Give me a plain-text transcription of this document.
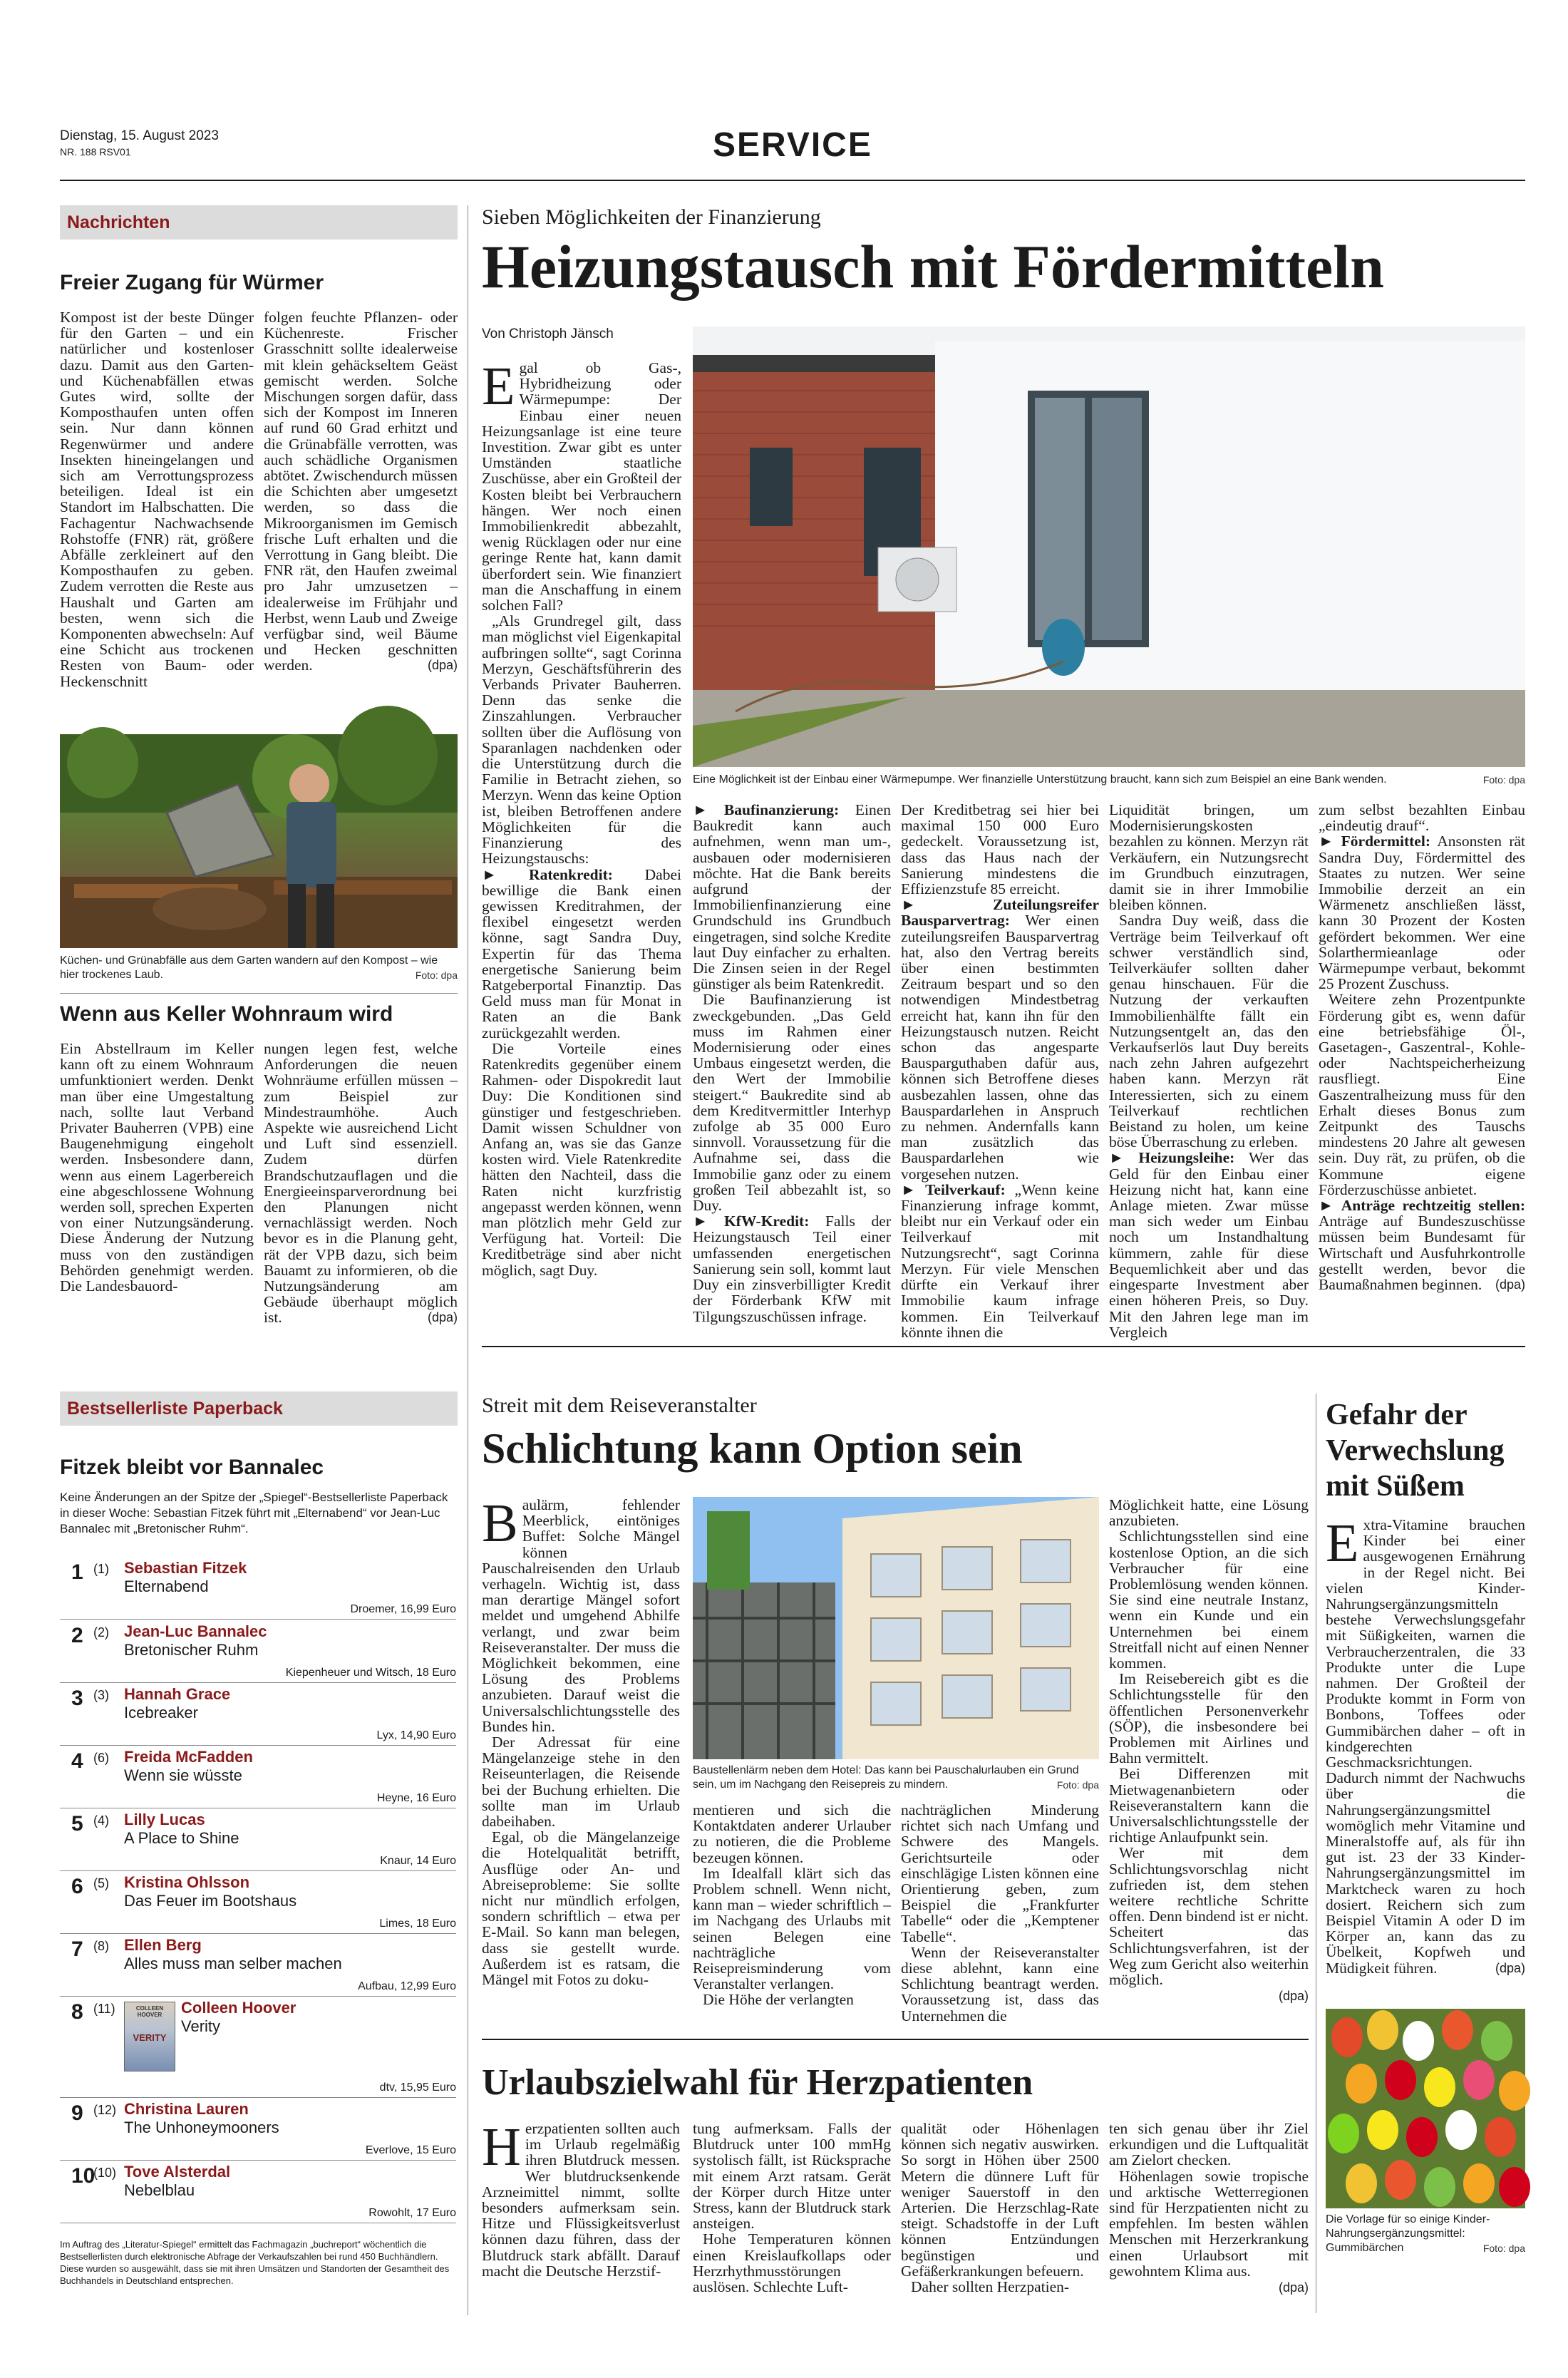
Dienstag, 15. August 2023
NR. 188 RSV01	SERVICE
Nachrichten
Freier Zugang für Würmer
Kompost ist der beste Dünger für den Garten – und ein natürlicher und kostenloser dazu. Damit aus den Garten- und Küchenabfällen etwas Gutes wird, sollte der Komposthaufen unten offen sein. Nur dann können Regenwürmer und andere Insekten hineingelangen und sich am Verrottungsprozess beteiligen. Ideal ist ein Standort im Halbschatten. Die Fachagentur Nachwachsende Rohstoffe (FNR) rät, größere Abfälle zerkleinert auf den Komposthaufen zu geben. Zudem verrotten die Reste aus Haushalt und Garten am besten, wenn sich die Komponenten abwechseln: Auf eine Schicht aus trockenen Resten von Baum- oder Heckenschnitt
folgen feuchte Pflanzen- oder Küchenreste. Frischer Grasschnitt sollte idealerweise mit klein gehäckseltem Geäst gemischt werden. Solche Mischungen sorgen dafür, dass sich der Kompost im Inneren auf rund 60 Grad erhitzt und die Grünabfälle verrotten, was auch schädliche Organismen abtötet. Zwischendurch müssen die Schichten aber umgesetzt werden, so dass die Mikroorganismen im Gemisch frische Luft erhalten und die Verrottung in Gang bleibt. Die FNR rät, den Haufen zweimal pro Jahr umzusetzen – idealerweise im Frühjahr und Herbst, wenn Laub und Zweige verfügbar sind, weil Bäume und Hecken geschnitten werden.	(dpa)
Küchen- und Grünabfälle aus dem Garten wandern auf den Kompost – wie hier trockenes Laub.	Foto: dpa
Wenn aus Keller Wohnraum wird
Ein Abstellraum im Keller kann oft zu einem Wohnraum umfunktioniert werden. Denkt man über eine Umgestaltung nach, sollte laut Verband Privater Bauherren (VPB) eine Baugenehmigung eingeholt werden. Insbesondere dann, wenn aus einem Lagerbereich eine abgeschlossene Wohnung werden soll, sprechen Experten von einer Nutzungsänderung. Diese Änderung der Nutzung muss von den zuständigen Behörden genehmigt werden. Die Landesbauord-
nungen legen fest, welche Anforderungen die neuen Wohnräume erfüllen müssen – zum Beispiel zur Mindestraumhöhe. Auch Aspekte wie ausreichend Licht und Luft sind essenziell. Zudem dürfen Brandschutzauflagen und die Energieeinsparverordnung bei den Planungen nicht vernachlässigt werden. Noch bevor es in die Planung geht, rät der VPB dazu, sich beim Bauamt zu informieren, ob die Nutzungsänderung am Gebäude überhaupt möglich ist.	(dpa)
Bestsellerliste Paperback
Fitzek bleibt vor Bannalec
Keine Änderungen an der Spitze der „Spiegel“-Bestsellerliste Paperback in dieser Woche: Sebastian Fitzek führt mit „Elternabend“ vor Jean-Luc Bannalec mit „Bretonischer Ruhm“.
1 (1) Sebastian Fitzek
Elternabend
Droemer, 16,99 Euro
2 (2) Jean-Luc Bannalec
Bretonischer Ruhm
Kiepenheuer und Witsch, 18 Euro
3 (3) Hannah Grace
Icebreaker
Lyx, 14,90 Euro
4 (6) Freida McFadden
Wenn sie wüsste
Heyne, 16 Euro
5 (4) Lilly Lucas
A Place to Shine
Knaur, 14 Euro
6 (5) Kristina Ohlsson
Das Feuer im Bootshaus
Limes, 18 Euro
7 (8) Ellen Berg
Alles muss man selber machen
Aufbau, 12,99 Euro
8 (11)	Colleen Hoover
Verity
COLLEEN HOOVER
VERITY
dtv, 15,95 Euro
9 (12) Christina Lauren
The Unhoneymooners
Everlove, 15 Euro
10
(10) Tove Alsterdal
Nebelblau
Rowohlt, 17 Euro
Im Auftrag des „Literatur-Spiegel“ ermittelt das Fachmagazin „buchreport“ wöchentlich die Bestsellerlisten durch elektronische Abfrage der Verkaufszahlen bei rund 450 Buchhändlern. Diese wurden so ausgewählt, dass sie mit ihren Umsätzen und Standorten der Gesamtheit des Buchhandels in Deutschland entsprechen.
Sieben Möglichkeiten der Finanzierung
Heizungstausch mit Fördermitteln
Von Christoph Jänsch
E gal ob Gas-, Hybridheizung oder Wärmepumpe: Der Einbau einer neuen Heizungsanlage ist eine teure Investition. Zwar gibt es unter Umständen staatliche Zuschüsse, aber ein Großteil der Kosten bleibt bei Verbrauchern hängen. Wer noch einen Immobilienkredit abbezahlt, wenig Rücklagen oder nur eine geringe Rente hat, kann damit überfordert sein. Wie finanziert man die Anschaffung in einem solchen Fall?

„Als Grundregel gilt, dass man möglichst viel Eigenkapital aufbringen sollte“, sagt Corinna Merzyn, Geschäftsführerin des Verbands Privater Bauherren. Denn das senke die Zinszahlungen. Verbraucher sollten über die Auflösung von Sparanlagen nachdenken oder die Unterstützung durch die Familie in Betracht ziehen, so Merzyn. Wenn das keine Option ist, bleiben Betroffenen andere Möglichkeiten für die Finanzierung des Heizungstauschs:

► Ratenkredit: Dabei bewillige die Bank einen gewissen Kreditrahmen, der flexibel eingesetzt werden könne, sagt Sandra Duy, Expertin für das Thema energetische Sanierung beim Ratgeberportal Finanztip. Das Geld muss man für Monat in Raten an die Bank zurückgezahlt werden.

Die Vorteile eines Ratenkredits gegenüber einem Rahmen- oder Dispokredit laut Duy: Die Konditionen sind günstiger und festgeschrieben. Damit wissen Schuldner von Anfang an, was sie das Ganze kosten wird. Viele Ratenkredite hätten den Nachteil, dass die Raten nicht kurzfristig angepasst werden können, wenn man plötzlich mehr Geld zur Verfügung hat. Vorteil: Die Kreditbeträge sind aber nicht möglich, sagt Duy.

Eine Möglichkeit ist der Einbau einer Wärmepumpe. Wer finanzielle Unterstützung braucht, kann sich zum Beispiel an eine Bank wenden.	Foto: dpa

► Baufinanzierung: Einen Baukredit kann auch aufnehmen, wenn man um-, ausbauen oder modernisieren möchte. Hat die Bank bereits aufgrund der Immobilienfinanzierung eine Grundschuld ins Grundbuch eingetragen, sind solche Kredite laut Duy einfacher zu erhalten. Die Zinsen seien in der Regel günstiger als beim Ratenkredit.

Die Baufinanzierung ist zweckgebunden. „Das Geld muss im Rahmen einer Modernisierung oder eines Umbaus eingesetzt werden, die den Wert der Immobilie steigert.“ Baukredite sind ab dem Kreditvermittler Interhyp zufolge ab 35 000 Euro sinnvoll. Voraussetzung für die Aufnahme sei, dass die Immobilie ganz oder zu einem großen Teil abbezahlt ist, so Duy.

► KfW-Kredit: Falls der Heizungstausch Teil einer umfassenden energetischen Sanierung sein soll, kommt laut Duy ein zinsverbilligter Kredit der Förderbank KfW mit Tilgungszuschüssen infrage.

Der Kreditbetrag sei hier bei maximal 150 000 Euro gedeckelt. Voraussetzung ist, dass das Haus nach der Sanierung mindestens die Effizienzstufe 85 erreicht.

► Zuteilungsreifer Bausparvertrag: Wer einen zuteilungsreifen Bausparvertrag hat, also den Vertrag bereits über einen bestimmten Zeitraum bespart und so den notwendigen Mindestbetrag erreicht hat, kann ihn für den Heizungstausch nutzen. Reicht schon das angesparte Bausparguthaben dafür aus, können sich Betroffene dieses ausbezahlen lassen, ohne das Bauspardarlehen in Anspruch zu nehmen. Andernfalls kann man zusätzlich das Bauspardarlehen wie vorgesehen nutzen.

► Teilverkauf: „Wenn keine Finanzierung infrage kommt, bleibt nur ein Verkauf oder ein Teilverkauf mit Nutzungsrecht“, sagt Corinna Merzyn. Für viele Menschen dürfte ein Verkauf ihrer Immobilie kaum infrage kommen. Ein Teilverkauf könnte ihnen die

Liquidität bringen, um Modernisierungskosten bezahlen zu können. Merzyn rät Verkäufern, ein Nutzungsrecht im Grundbuch einzutragen, damit sie in ihrer Immobilie bleiben können.

Sandra Duy weiß, dass die Verträge beim Teilverkauf oft schwer verständlich sind, Teilverkäufer sollten daher genau hinschauen. Für die Nutzung der verkauften Immobilienhälfte fällt ein Nutzungsentgelt an, das den Verkaufserlös laut Duy bereits nach zehn Jahren aufgezehrt haben kann. Merzyn rät Interessierten, sich zu einem Teilverkauf rechtlichen Beistand zu holen, um keine böse Überraschung zu erleben.

► Heizungsleihe: Wer das Geld für den Einbau einer Heizung nicht hat, kann eine Anlage mieten. Zwar müsse man sich weder um Einbau noch um Instandhaltung kümmern, zahle für diese Bequemlichkeit aber und das eingesparte Investment aber einen höheren Preis, so Duy. Mit den Jahren lege man im Vergleich

zum selbst bezahlten Einbau „eindeutig drauf“.

► Fördermittel: Ansonsten rät Sandra Duy, Fördermittel des Staates zu nutzen. Wer seine Immobilie derzeit an ein Wärmenetz anschließen lässt, kann 30 Prozent der Kosten gefördert bekommen. Wer eine Solarthermieanlage oder Wärmepumpe verbaut, bekommt 25 Prozent Zuschuss.

Weitere zehn Prozentpunkte Förderung gibt es, wenn dafür eine betriebsfähige Öl-, Gasetagen-, Gaszentral-, Kohle- oder Nachtspeicherheizung rausfliegt. Eine Gaszentralheizung muss für den Erhalt dieses Bonus zum Zeitpunkt des Tauschs mindestens 20 Jahre alt gewesen sein. Duy rät, zu prüfen, ob die Kommune eigene Förderzuschüsse anbietet.

► Anträge rechtzeitig stellen: Anträge auf Bundeszuschüsse müssen beim Bundesamt für Wirtschaft und Ausfuhrkontrolle gestellt werden, bevor die Baumaßnahmen beginnen. (dpa)

Streit mit dem Reiseveranstalter
Schlichtung kann Option sein
B aulärm, fehlender Meerblick, eintöniges Buffet: Solche Mängel können Pauschalreisenden den Urlaub verhageln. Wichtig ist, dass man derartige Mängel sofort meldet und umgehend Abhilfe verlangt, und zwar beim Reiseveranstalter. Der muss die Möglichkeit bekommen, eine Lösung des Problems anzubieten. Darauf weist die Universalschlichtungsstelle des Bundes hin.

Der Adressat für eine Mängelanzeige stehe in den Reiseunterlagen, die Reisende bei der Buchung erhielten. Die sollte man im Urlaub dabeihaben.

Egal, ob die Mängelanzeige die Hotelqualität betrifft, Ausflüge oder An- und Abreiseprobleme: Sie sollte nicht nur mündlich erfolgen, sondern schriftlich – etwa per E-Mail. So kann man belegen, dass sie gestellt wurde. Außerdem ist es ratsam, die Mängel mit Fotos zu doku-

Baustellenlärm neben dem Hotel: Das kann bei Pauschalurlauben ein Grund sein, um im Nachgang den Reisepreis zu mindern.	Foto: dpa

mentieren und sich die Kontaktdaten anderer Urlauber zu notieren, die die Probleme bezeugen können.

Im Idealfall klärt sich das Problem schnell. Wenn nicht, kann man – wieder schriftlich – im Nachgang des Urlaubs mit seinen Belegen eine nachträgliche Reisepreisminderung vom Veranstalter verlangen.

Die Höhe der verlangten

nachträglichen Minderung richtet sich nach Umfang und Schwere des Mangels. Gerichtsurteile oder einschlägige Listen können eine Orientierung geben, zum Beispiel die „Frankfurter Tabelle“ oder die „Kemptener Tabelle“.

Wenn der Reiseveranstalter diese ablehnt, kann eine Schlichtung beantragt werden. Voraussetzung ist, dass das Unternehmen die

Möglichkeit hatte, eine Lösung anzubieten.

Schlichtungsstellen sind eine kostenlose Option, an die sich Verbraucher für eine Problemlösung wenden können. Sie sind eine neutrale Instanz, wenn ein Kunde und ein Unternehmen bei einem Streitfall nicht auf einen Nenner kommen.

Im Reisebereich gibt es die Schlichtungsstelle für den öffentlichen Personenverkehr (SÖP), die insbesondere bei Problemen mit Airlines und Bahn vermittelt.

Bei Differenzen mit Mietwagenanbietern oder Reiseveranstaltern kann die Universalschlichtungsstelle der richtige Anlaufpunkt sein.

Wer mit dem Schlichtungsvorschlag nicht zufrieden ist, dem stehen weitere rechtliche Schritte offen. Denn bindend ist er nicht. Scheitert das Schlichtungsverfahren, ist der Weg zum Gericht also weiterhin möglich.

(dpa)

Urlaubszielwahl für Herzpatienten
H erzpatienten sollten auch im Urlaub regelmäßig ihren Blutdruck messen. Wer blutdrucksenkende Arzneimittel nimmt, sollte besonders aufmerksam sein. Hitze und Flüssigkeitsverlust können dazu führen, dass der Blutdruck stark abfällt. Darauf macht die Deutsche Herzstif-

tung aufmerksam. Falls der Blutdruck unter 100 mmHg systolisch fällt, ist Rücksprache mit einem Arzt ratsam. Gerät der Körper durch Hitze unter Stress, kann der Blutdruck stark ansteigen.

Hohe Temperaturen können einen Kreislaufkollaps oder Herzrhythmusstörungen auslösen. Schlechte Luft-

qualität oder Höhenlagen können sich negativ auswirken. So sorgt in Höhen über 2500 Metern die dünnere Luft für weniger Sauerstoff in den Arterien. Die Herzschlag-Rate steigt. Schadstoffe in der Luft können Entzündungen begünstigen und Gefäßerkrankungen befeuern.

Daher sollten Herzpatien-

ten sich genau über ihr Ziel erkundigen und die Luftqualität am Zielort checken.

Höhenlagen sowie tropische und arktische Wetterregionen sind für Herzpatienten nicht zu empfehlen. Im besten wählen Menschen mit Herzerkrankung einen Urlaubsort mit gewohntem Klima aus.

(dpa)

Gefahr der Verwechslung mit Süßem
E xtra-Vitamine brauchen Kinder bei einer ausgewogenen Ernährung in der Regel nicht. Bei vielen Kinder-Nahrungsergänzungsmitteln bestehe Verwechslungsgefahr mit Süßigkeiten, warnen die Verbraucherzentralen, die 33 Produkte unter die Lupe nahmen. Der Großteil der Produkte kommt in Form von Bonbons, Toffees oder Gummibärchen daher – oft in kindgerechten Geschmacksrichtungen. Dadurch nimmt der Nachwuchs über die Nahrungsergänzungsmittel womöglich mehr Vitamine und Mineralstoffe auf, als für ihn gut ist. 23 der 33 Kinder-Nahrungsergänzungsmittel im Marktcheck waren zu hoch dosiert. Reichern sich zum Beispiel Vitamin A oder D im Körper an, kann das zu Übelkeit, Kopfweh und Müdigkeit führen.	(dpa)
Die Vorlage für so einige Kinder-Nahrungsergänzungsmittel: Gummibärchen	Foto: dpa
